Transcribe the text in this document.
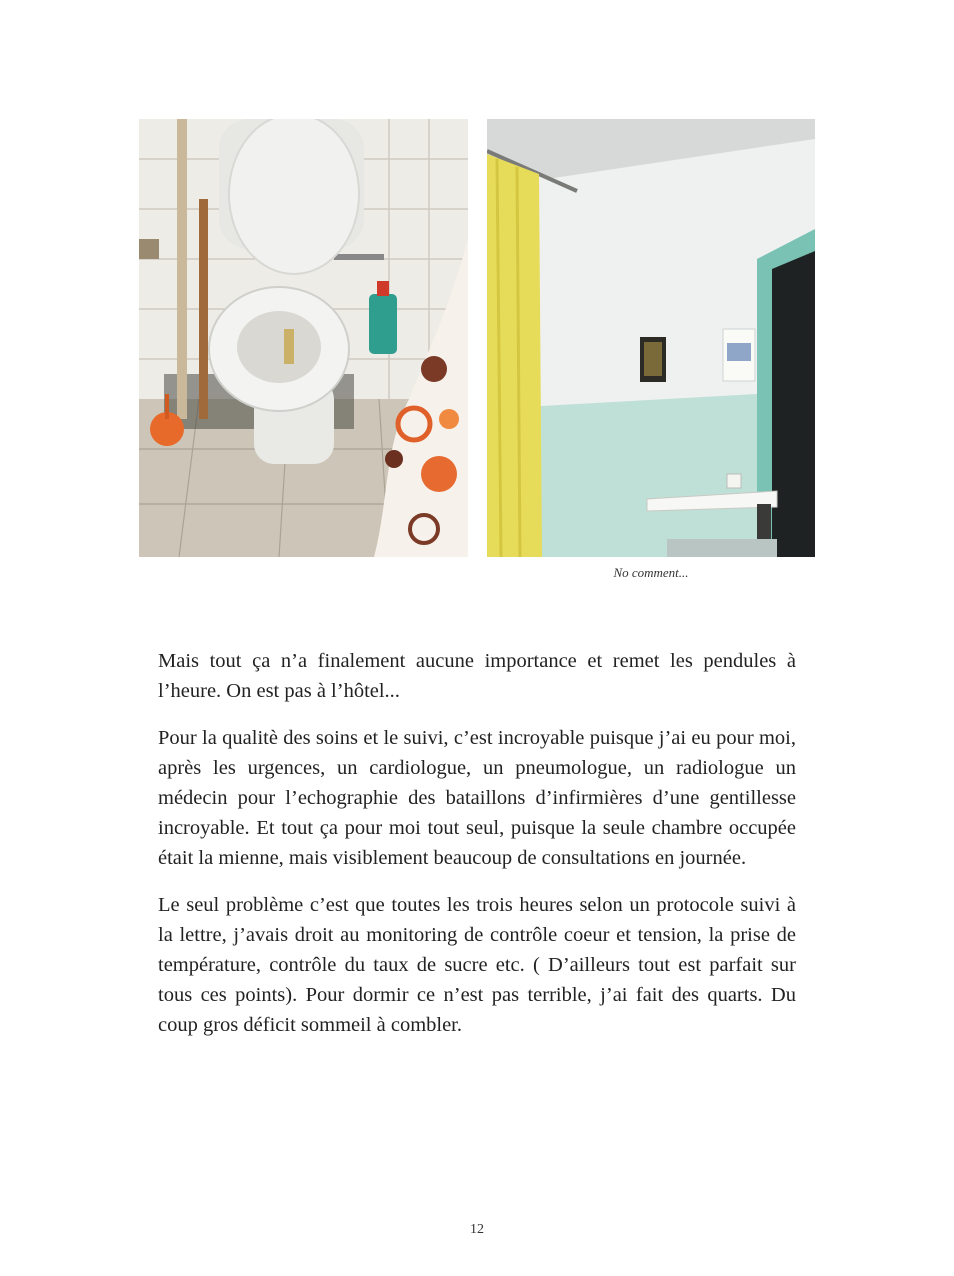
No comment...

Mais tout ça n’a finalement aucune importance et remet les pendules à l’heure. On est pas à l’hôtel...

Pour la qualitè des soins et le suivi, c’est incroyable puisque j’ai eu pour moi, après les urgences, un cardiologue, un pneumologue, un radiologue un médecin pour l’echographie des bataillons d’infirmières d’une gentillesse incroyable. Et tout ça pour moi tout seul, puisque la seule chambre occupée était la mienne, mais visiblement beaucoup de consultations en journée.

Le seul problème c’est que toutes les trois heures selon un protocole suivi à la lettre, j’avais droit au monitoring de contrôle coeur et tension, la prise de température, contrôle du taux de sucre etc. ( D’ailleurs tout est parfait sur tous ces points). Pour dormir ce n’est pas terrible, j’ai fait des quarts. Du coup gros déficit sommeil à combler.

12
